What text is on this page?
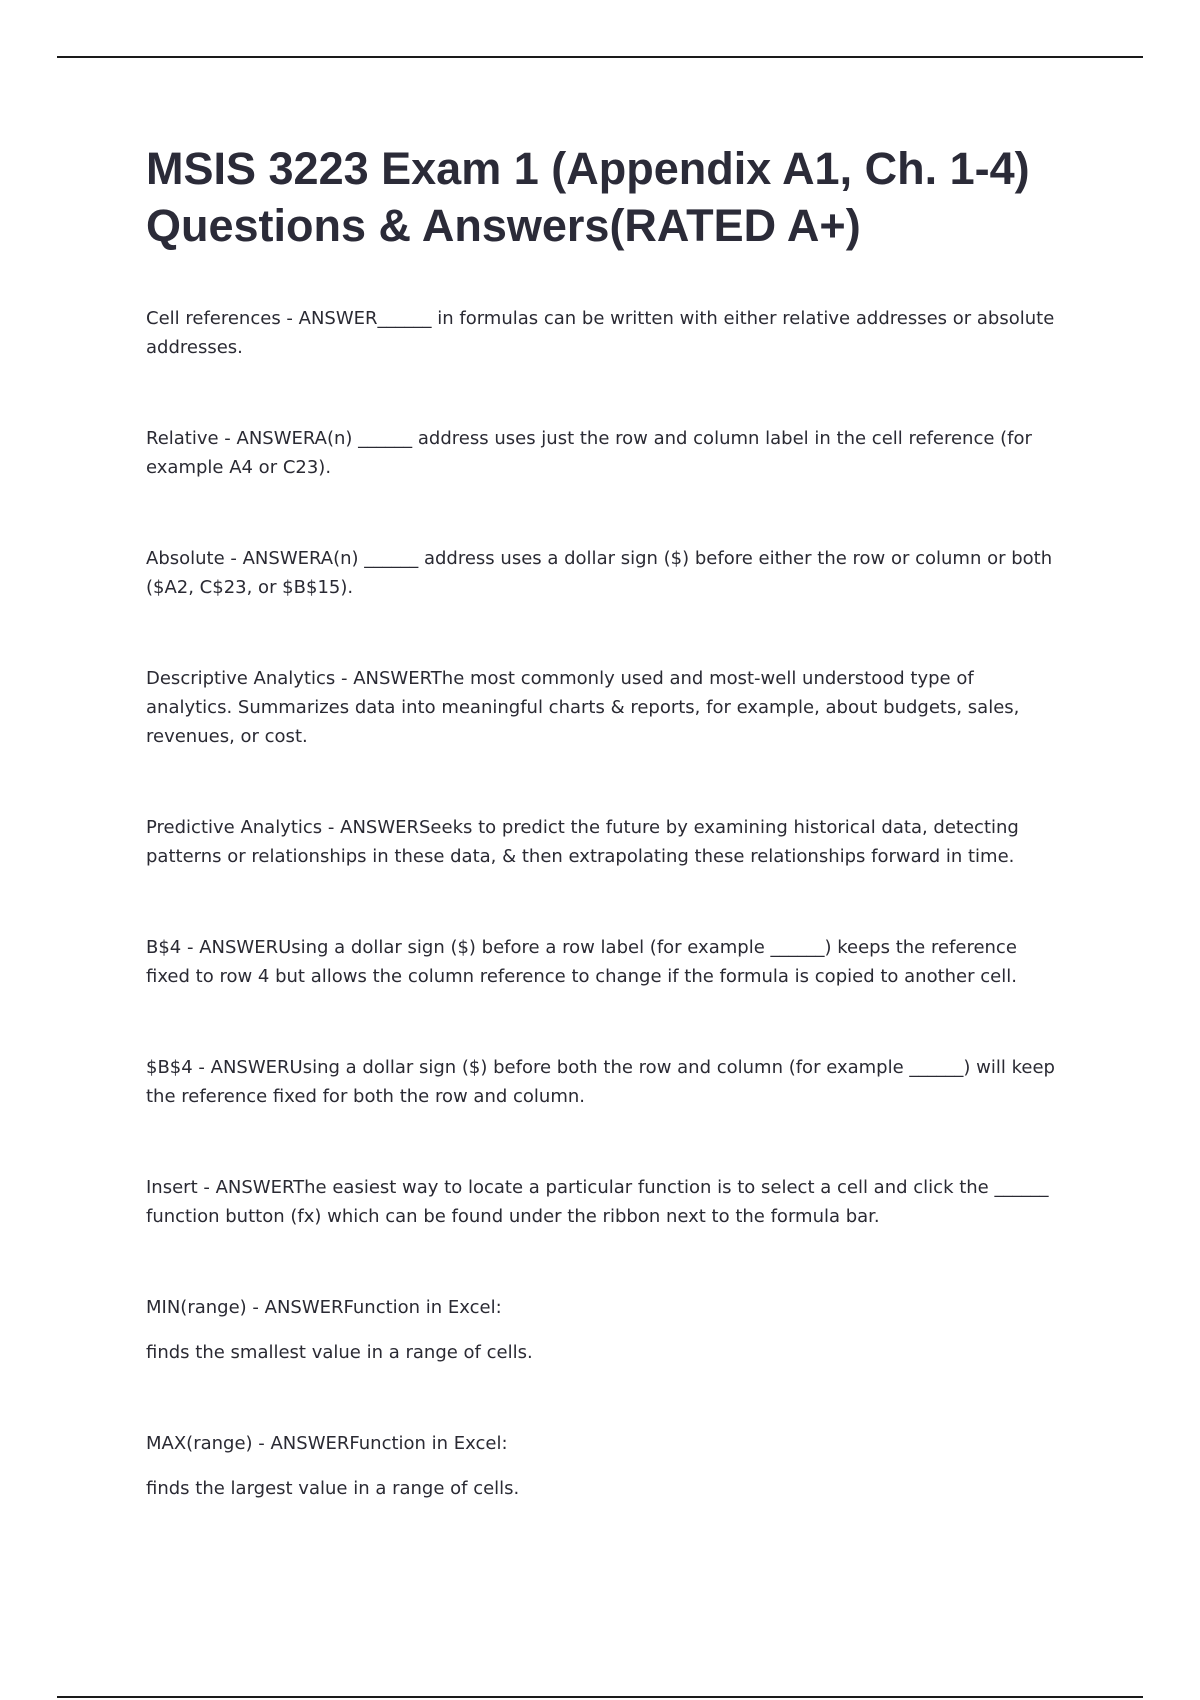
MSIS 3223 Exam 1 (Appendix A1, Ch. 1-4) Questions & Answers(RATED A+)

Cell references - ANSWER______ in formulas can be written with either relative addresses or absolute addresses.

Relative - ANSWERA(n) ______ address uses just the row and column label in the cell reference (for example A4 or C23).

Absolute - ANSWERA(n) ______ address uses a dollar sign ($) before either the row or column or both ($A2, C$23, or $B$15).

Descriptive Analytics - ANSWERThe most commonly used and most-well understood type of analytics. Summarizes data into meaningful charts & reports, for example, about budgets, sales, revenues, or cost.

Predictive Analytics - ANSWERSeeks to predict the future by examining historical data, detecting patterns or relationships in these data, & then extrapolating these relationships forward in time.

B$4 - ANSWERUsing a dollar sign ($) before a row label (for example ______) keeps the reference fixed to row 4 but allows the column reference to change if the formula is copied to another cell.

$B$4 - ANSWERUsing a dollar sign ($) before both the row and column (for example ______) will keep the reference fixed for both the row and column.

Insert - ANSWERThe easiest way to locate a particular function is to select a cell and click the ______ function button (fx) which can be found under the ribbon next to the formula bar.

MIN(range) - ANSWERFunction in Excel:

finds the smallest value in a range of cells.

MAX(range) - ANSWERFunction in Excel:

finds the largest value in a range of cells.
